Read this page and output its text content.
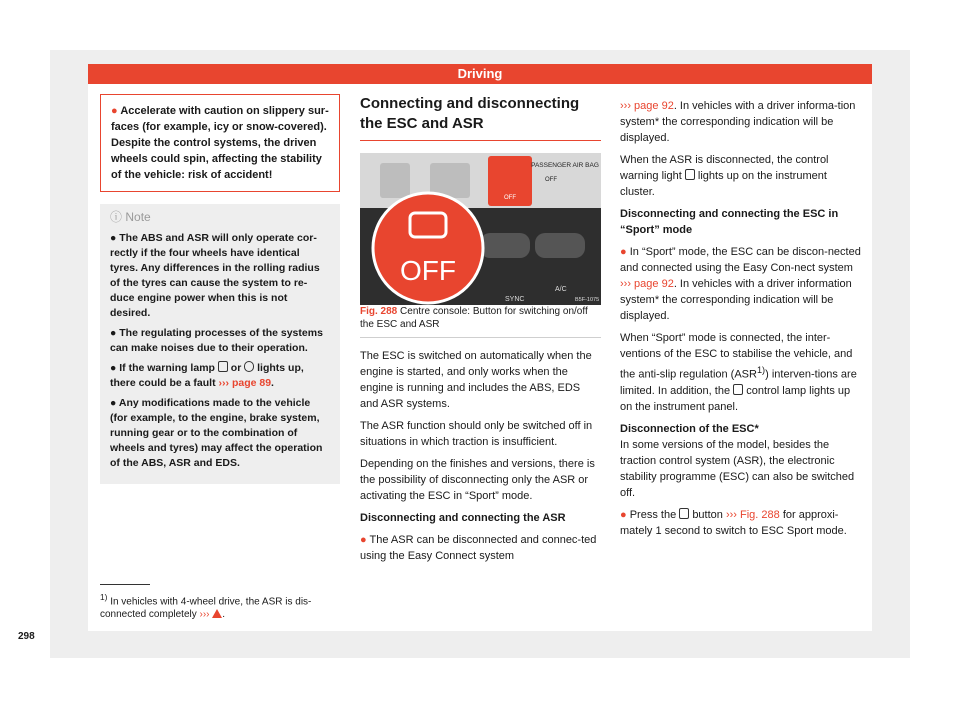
Driving
● Accelerate with caution on slippery sur-faces (for example, icy or snow-covered). Despite the control systems, the driven wheels could spin, affecting the stability of the vehicle: risk of accident!
ⓘ Note
● The ABS and ASR will only operate cor-rectly if the four wheels have identical tyres. Any differences in the rolling radius of the tyres can cause the system to re-duce engine power when this is not desired.
● The regulating processes of the systems can make noises due to their operation.
● If the warning lamp or lights up, there could be a fault ››› page 89.
● Any modifications made to the vehicle (for example, to the engine, brake system, running gear or to the combination of wheels and tyres) may affect the operation of the ABS, ASR and EDS.
$^{1)}$ In vehicles with 4-wheel drive, the ASR is dis-connected completely ››› .
298
Connecting and disconnecting the ESC and ASR
OFF
OFF
PASSENGER AIR BAG
OFF
SYNC
A/C
B5F-1075

Fig. 288 Centre console: Button for switching on/off the ESC and ASR

The ESC is switched on automatically when the engine is started, and only works when the engine is running and includes the ABS, EDS and ASR systems.

The ASR function should only be switched off in situations in which traction is insufficient.

Depending on the finishes and versions, there is the possibility of disconnecting only the ASR or activating the ESC in “Sport” mode.

Disconnecting and connecting the ASR

● The ASR can be disconnected and connec-ted using the Easy Connect system

››› page 92. In vehicles with a driver informa-tion system* the corresponding indication will be displayed.

When the ASR is disconnected, the control warning light lights up on the instrument cluster.

Disconnecting and connecting the ESC in “Sport” mode

● In “Sport” mode, the ESC can be discon-nected and connected using the Easy Con-nect system ››› page 92. In vehicles with a driver information system* the corresponding indication will be displayed.

When “Sport” mode is connected, the inter-ventions of the ESC to stabilise the vehicle, and the anti-slip regulation (ASR$^{1)}$) interven-tions are limited. In addition, the control lamp lights up on the instrument panel.

Disconnection of the ESC*

In some versions of the model, besides the traction control system (ASR), the electronic stability programme (ESC) can also be switched off.

● Press the button ››› Fig. 288 for approxi-mately 1 second to switch to ESC Sport mode.
